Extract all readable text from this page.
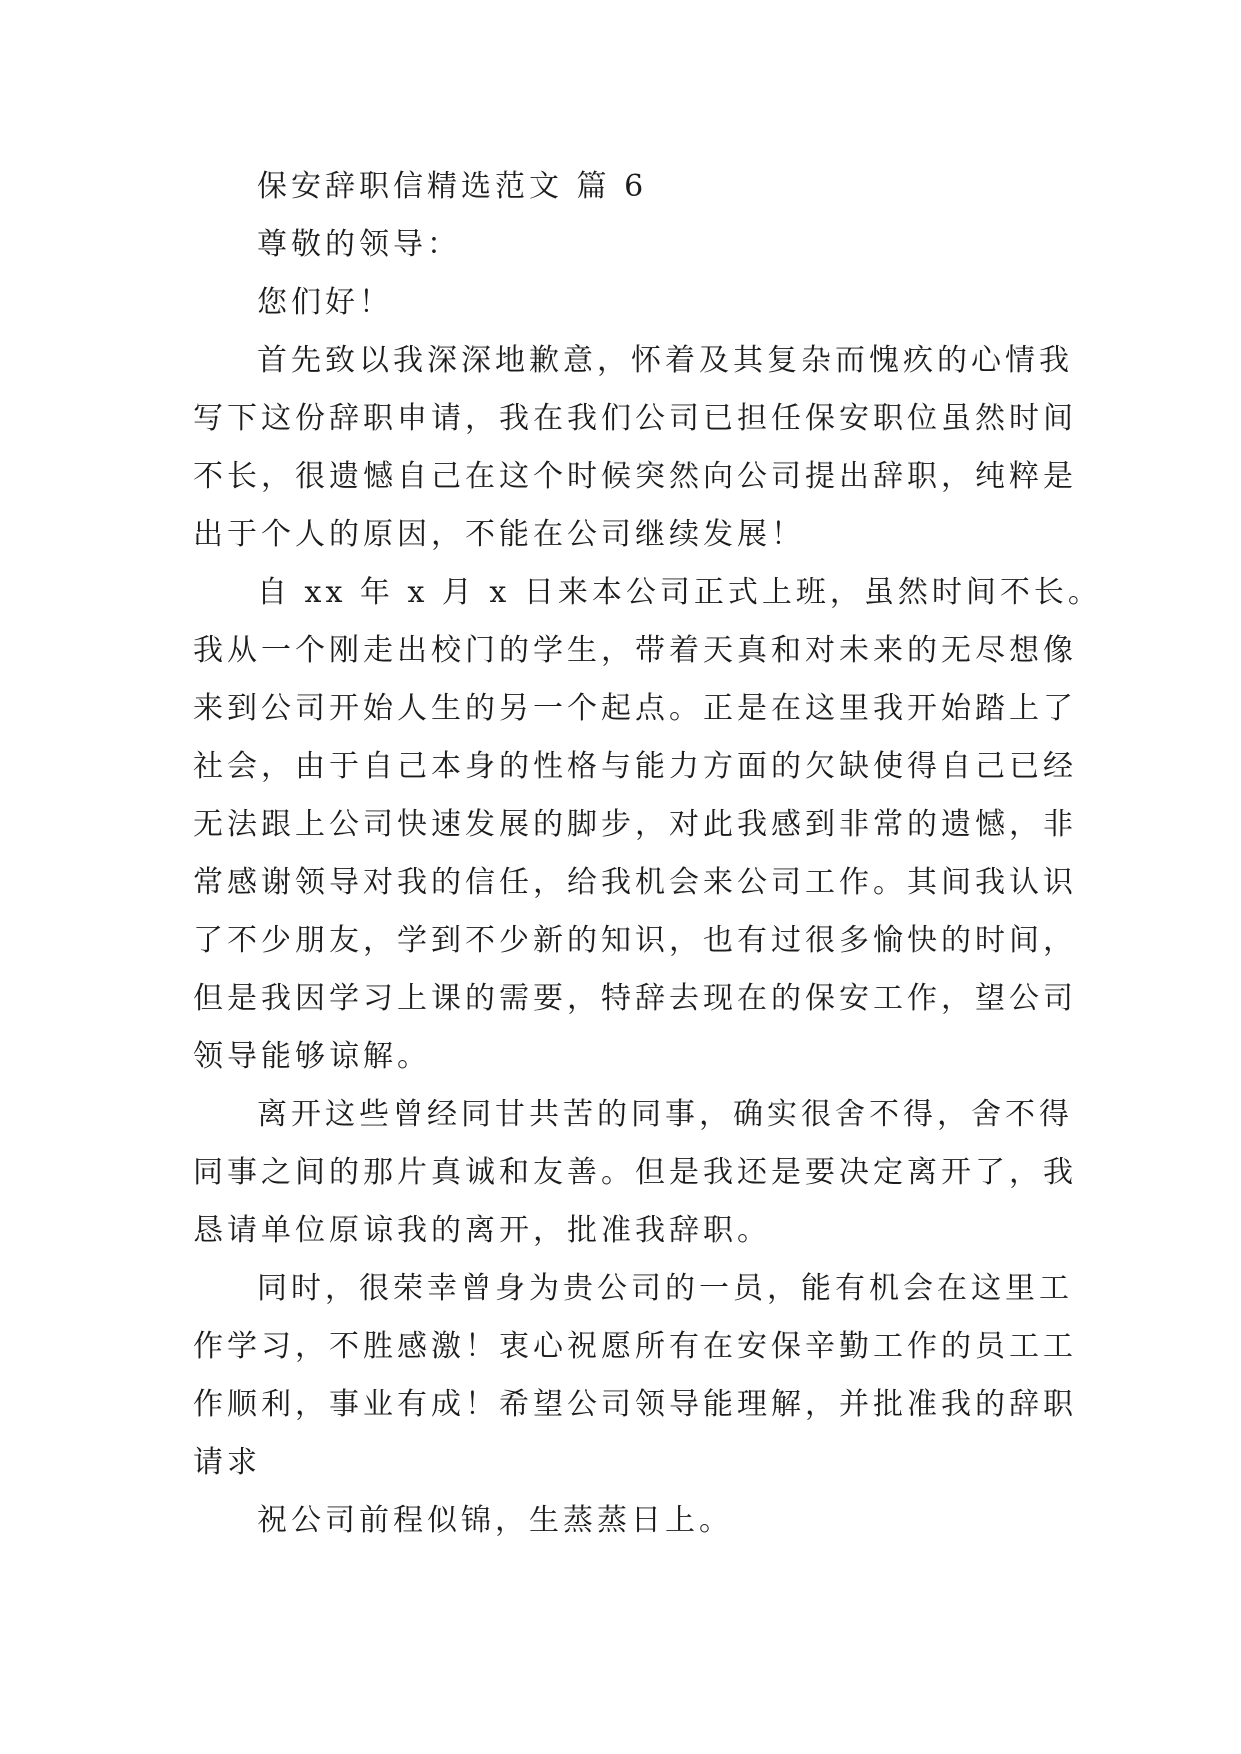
保安辞职信精选范文 篇 6
尊敬的领导：
您们好！
首先致以我深深地歉意，怀着及其复杂而愧疚的心情我
写下这份辞职申请，我在我们公司已担任保安职位虽然时间
不长，很遗憾自己在这个时候突然向公司提出辞职，纯粹是
出于个人的原因，不能在公司继续发展！
自 xx 年 x 月 x 日来本公司正式上班，虽然时间不长。
我从一个刚走出校门的学生，带着天真和对未来的无尽想像
来到公司开始人生的另一个起点。正是在这里我开始踏上了
社会，由于自己本身的性格与能力方面的欠缺使得自己已经
无法跟上公司快速发展的脚步，对此我感到非常的遗憾，非
常感谢领导对我的信任，给我机会来公司工作。其间我认识
了不少朋友，学到不少新的知识，也有过很多愉快的时间，
但是我因学习上课的需要，特辞去现在的保安工作，望公司
领导能够谅解。
离开这些曾经同甘共苦的同事，确实很舍不得，舍不得
同事之间的那片真诚和友善。但是我还是要决定离开了，我
恳请单位原谅我的离开，批准我辞职。
同时，很荣幸曾身为贵公司的一员，能有机会在这里工
作学习，不胜感激！衷心祝愿所有在安保辛勤工作的员工工
作顺利，事业有成！希望公司领导能理解，并批准我的辞职
请求
祝公司前程似锦，生蒸蒸日上。
